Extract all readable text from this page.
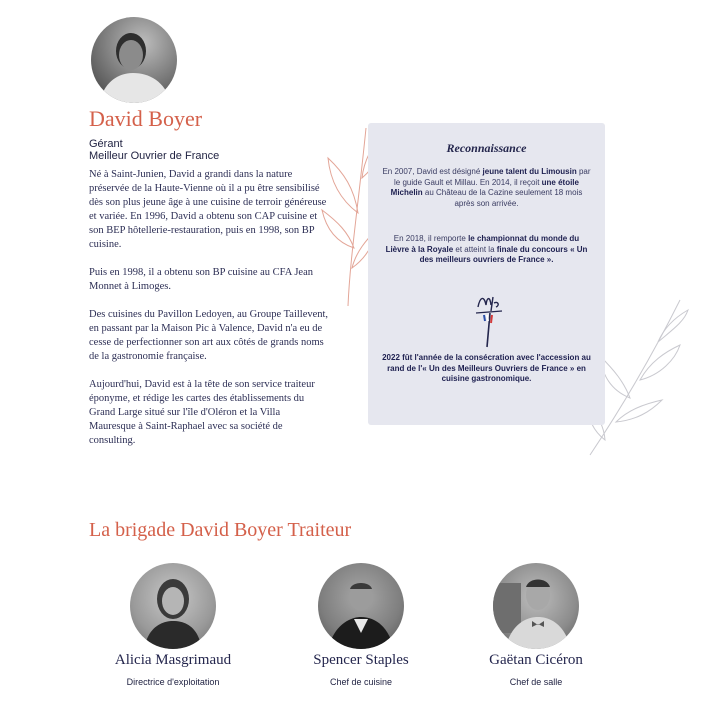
David Boyer
Gérant
Meilleur Ouvrier de France

Né à Saint-Junien, David a grandi dans la nature préservée de la Haute-Vienne où il a pu être sensibilisé dès son plus jeune âge à une cuisine de terroir généreuse et variée. En 1996, David a obtenu son CAP cuisine et son BEP hôtellerie-restauration, puis en 1998, son BP cuisine.

Puis en 1998, il a obtenu son BP cuisine au CFA Jean Monnet à Limoges.

Des cuisines du Pavillon Ledoyen, au Groupe Taillevent, en passant par la Maison Pic à Valence, David n'a eu de cesse de perfectionner son art aux côtés de grands noms de la gastronomie française.

Aujourd'hui, David est à la tête de son service traiteur éponyme, et rédige les cartes des établissements du Grand Large situé sur l'île d'Oléron et la Villa Mauresque à Saint-Raphael avec sa société de consulting.

Reconnaissance
En 2007, David est désigné jeune talent du Limousin par le guide Gault et Millau. En 2014, il reçoit une étoile Michelin au Château de la Cazine seulement 18 mois après son arrivée.
En 2018, il remporte le championnat du monde du Lièvre à la Royale et atteint la finale du concours « Un des meilleurs ouvriers de France ».
2022 fût l'année de la consécration avec l'accession au rand de l'« Un des Meilleurs Ouvriers de France » en cuisine gastronomique.
La brigade David Boyer Traiteur
Alicia Masgrimaud
Directrice d'exploitation
Spencer Staples
Chef de cuisine
Gaëtan Cicéron
Chef de salle
